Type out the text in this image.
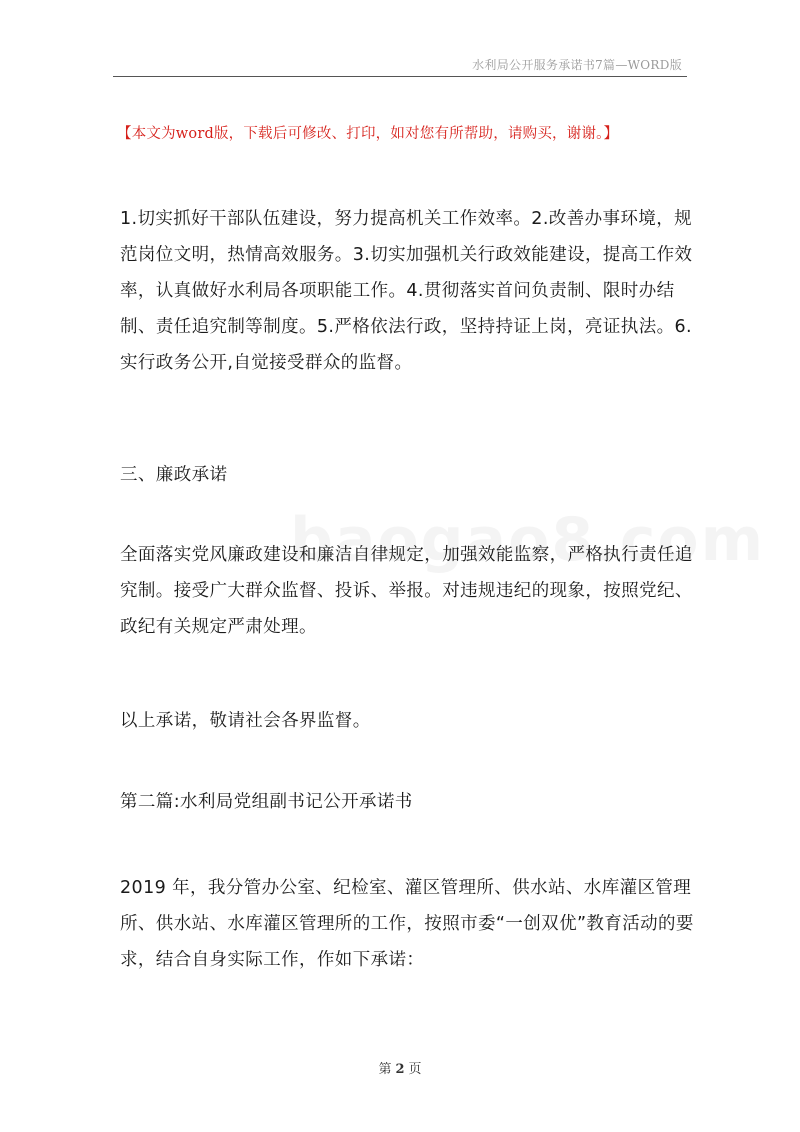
水利局公开服务承诺书7篇—WORD版
【本文为word版，下载后可修改、打印，如对您有所帮助，请购买，谢谢。】
1.切实抓好干部队伍建设，努力提高机关工作效率。2.改善办事环境，规范岗位文明，热情高效服务。3.切实加强机关行政效能建设，提高工作效率，认真做好水利局各项职能工作。4.贯彻落实首问负责制、限时办结制、责任追究制等制度。5.严格依法行政，坚持持证上岗，亮证执法。6.实行政务公开,自觉接受群众的监督。
三、廉政承诺
全面落实党风廉政建设和廉洁自律规定，加强效能监察，严格执行责任追究制。接受广大群众监督、投诉、举报。对违规违纪的现象，按照党纪、政纪有关规定严肃处理。
以上承诺，敬请社会各界监督。
第二篇:水利局党组副书记公开承诺书
2019 年，我分管办公室、纪检室、灌区管理所、供水站、水库灌区管理所、供水站、水库灌区管理所的工作，按照市委“一创双优”教育活动的要求，结合自身实际工作，作如下承诺：
第 2 页
